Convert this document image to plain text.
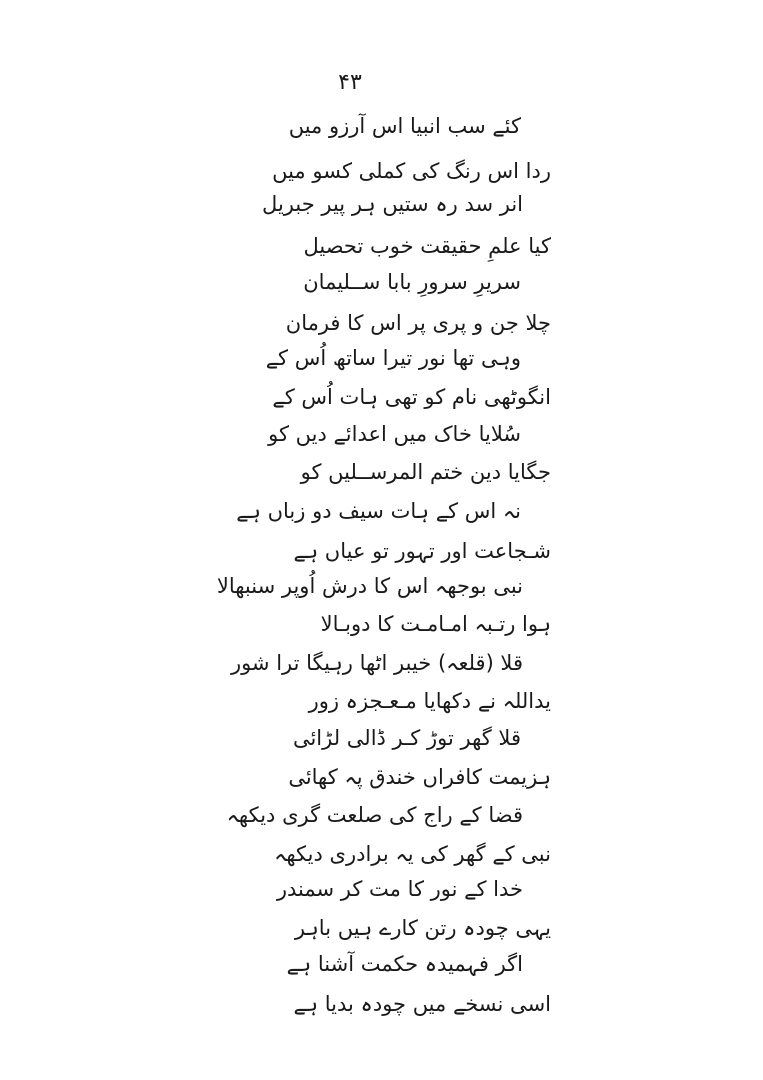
۴۳
کئے سب انبیا اس آرزو میں
ردا اس رنگ کی کملی کسو میں
انر سد رہ ستیں ہر پیر جبریل
کیا علمِ حقیقت خوب تحصیل
سریرِ سرورِ بابا ســلیمان
چلا جن و پری پر اس کا فرمان
وہی تھا نور تیرا ساتھ اُس کے
انگوٹھی نام کو تھی ہات اُس کے
سُلایا خاک میں اعدائے دیں کو
جگایا دین ختم المرســلیں کو
نہ اس کے ہات سیف دو زباں ہے
شـجاعت اور تہور تو عیاں ہے
نبی بوجھہ اس کا درش اُوپر سنبھالا
ہوا رتـبہ امـامـت کا دوبـالا
قلا (قلعہ) خیبر اٹھا رہیگا ترا شور
یداللہ نے دکھایا مـعـجزہ زور
قلا گھر توڑ کـر ڈالی لڑائی
ہزیمت کافراں خندق پہ کھائی
قضا کے راج کی صلعت گری دیکھہ
نبی کے گھر کی یہ برادری دیکھہ
خدا کے نور کا مت کر سمندر
یہی چودہ رتن کارے ہیں باہر
اگر فہمیدہ حکمت آشنا ہے
اسی نسخے میں چودہ بدیا ہے
